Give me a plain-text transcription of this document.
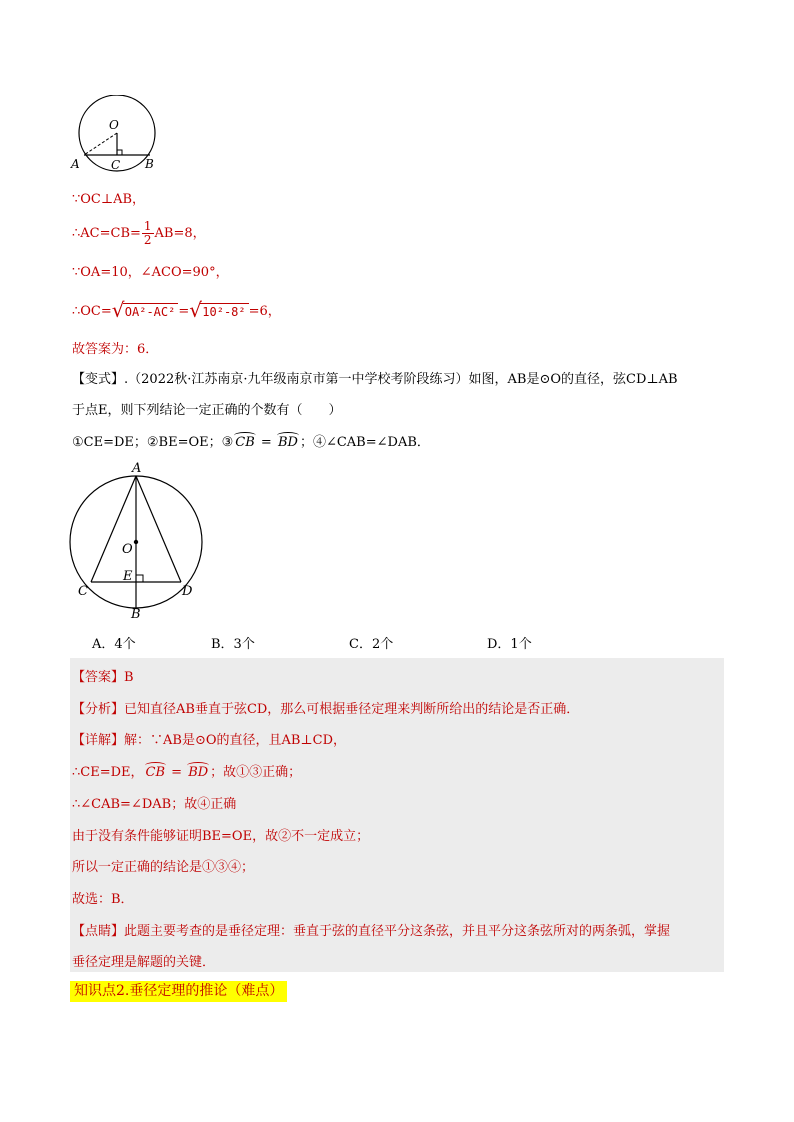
O
A	B
C
∵OC⊥AB，
∴AC=CB= $\frac{1}{2} AB=8$，
∵OA=10，∠ACO=90°，
∴OC= √ OA²-AC² = √ 10²-8² =6，
故答案为：6．
【变式】.（2022秋·江苏南京·九年级南京市第一中学校考阶段练习）如图，AB是⊙O的直径，弦CD⊥AB
于点E，则下列结论一定正确的个数有（　　）
①CE=DE；②BE=OE；③ CB = BD ；④∠CAB=∠DAB．
A
O
E
C	D
B
A．4个	B．3个	C．2个	D．1个
【答案】B
【分析】已知直径AB垂直于弦CD，那么可根据垂径定理来判断所给出的结论是否正确．
【详解】解：∵AB是⊙O的直径，且AB⊥CD，
∴CE=DE， CB = BD ；故①③正确；
∴∠CAB=∠DAB；故④正确
由于没有条件能够证明BE=OE，故②不一定成立；
所以一定正确的结论是①③④；
故选：B．
【点睛】此题主要考查的是垂径定理：垂直于弦的直径平分这条弦，并且平分这条弦所对的两条弧，掌握
垂径定理是解题的关键．
知识点2.垂径定理的推论（难点）
